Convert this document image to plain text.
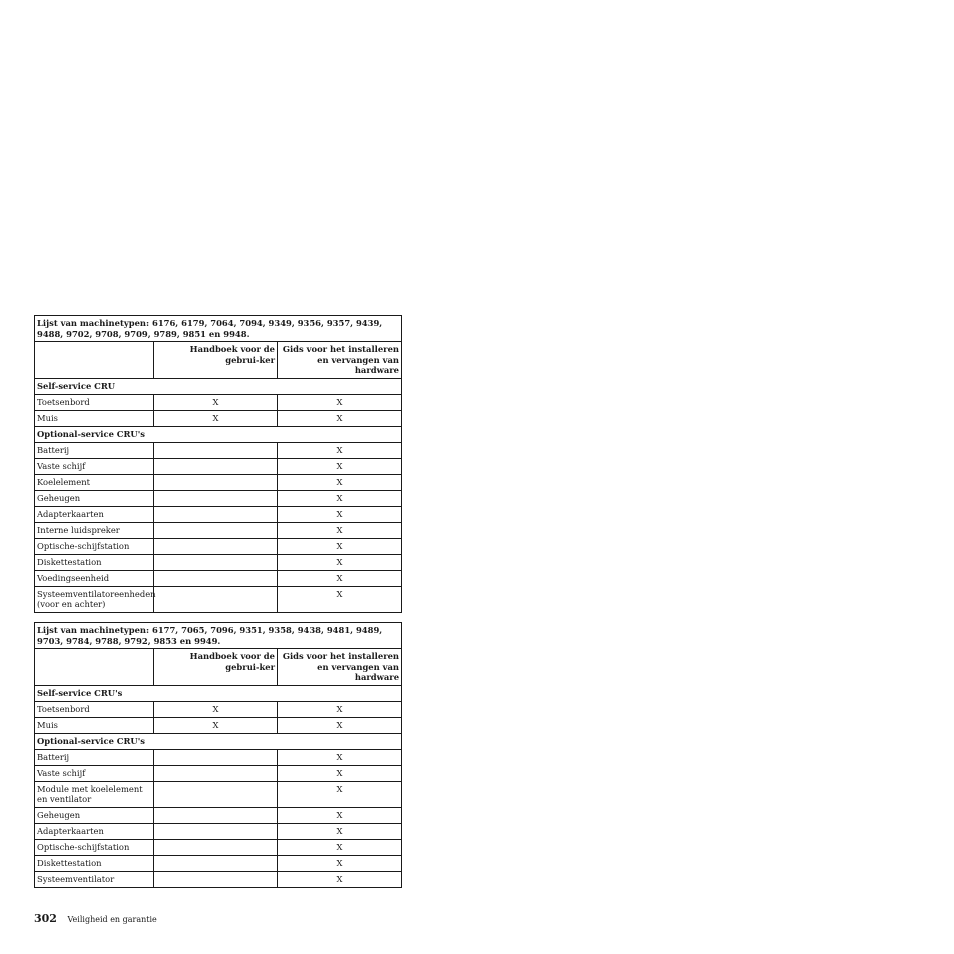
Lijst van machinetypen: 6176, 6179, 7064, 7094, 9349, 9356, 9357, 9439, 9488, 9702, 9708, 9709, 9789, 9851 en 9948.		
	Handboek voor de gebrui-ker	Gids voor het installeren en vervangen van hardware
Self-service CRU		
Toetsenbord	X	X
Muis	X	X
Optional-service CRU's		
Batterij		X
Vaste schijf		X
Koelelement		X
Geheugen		X
Adapterkaarten		X
Interne luidspreker		X
Optische-schijfstation		X
Diskettestation		X
Voedingseenheid		X
Systeemventilatoreenheden (voor en achter)		X
Lijst van machinetypen: 6177, 7065, 7096, 9351, 9358, 9438, 9481, 9489, 9703, 9784, 9788, 9792, 9853 en 9949.		
	Handboek voor de gebrui-ker	Gids voor het installeren en vervangen van hardware
Self-service CRU's		
Toetsenbord	X	X
Muis	X	X
Optional-service CRU's		
Batterij		X
Vaste schijf		X
Module met koelelement en ventilator		X
Geheugen		X
Adapterkaarten		X
Optische-schijfstation		X
Diskettestation		X
Systeemventilator		X
302 Veiligheid en garantie
